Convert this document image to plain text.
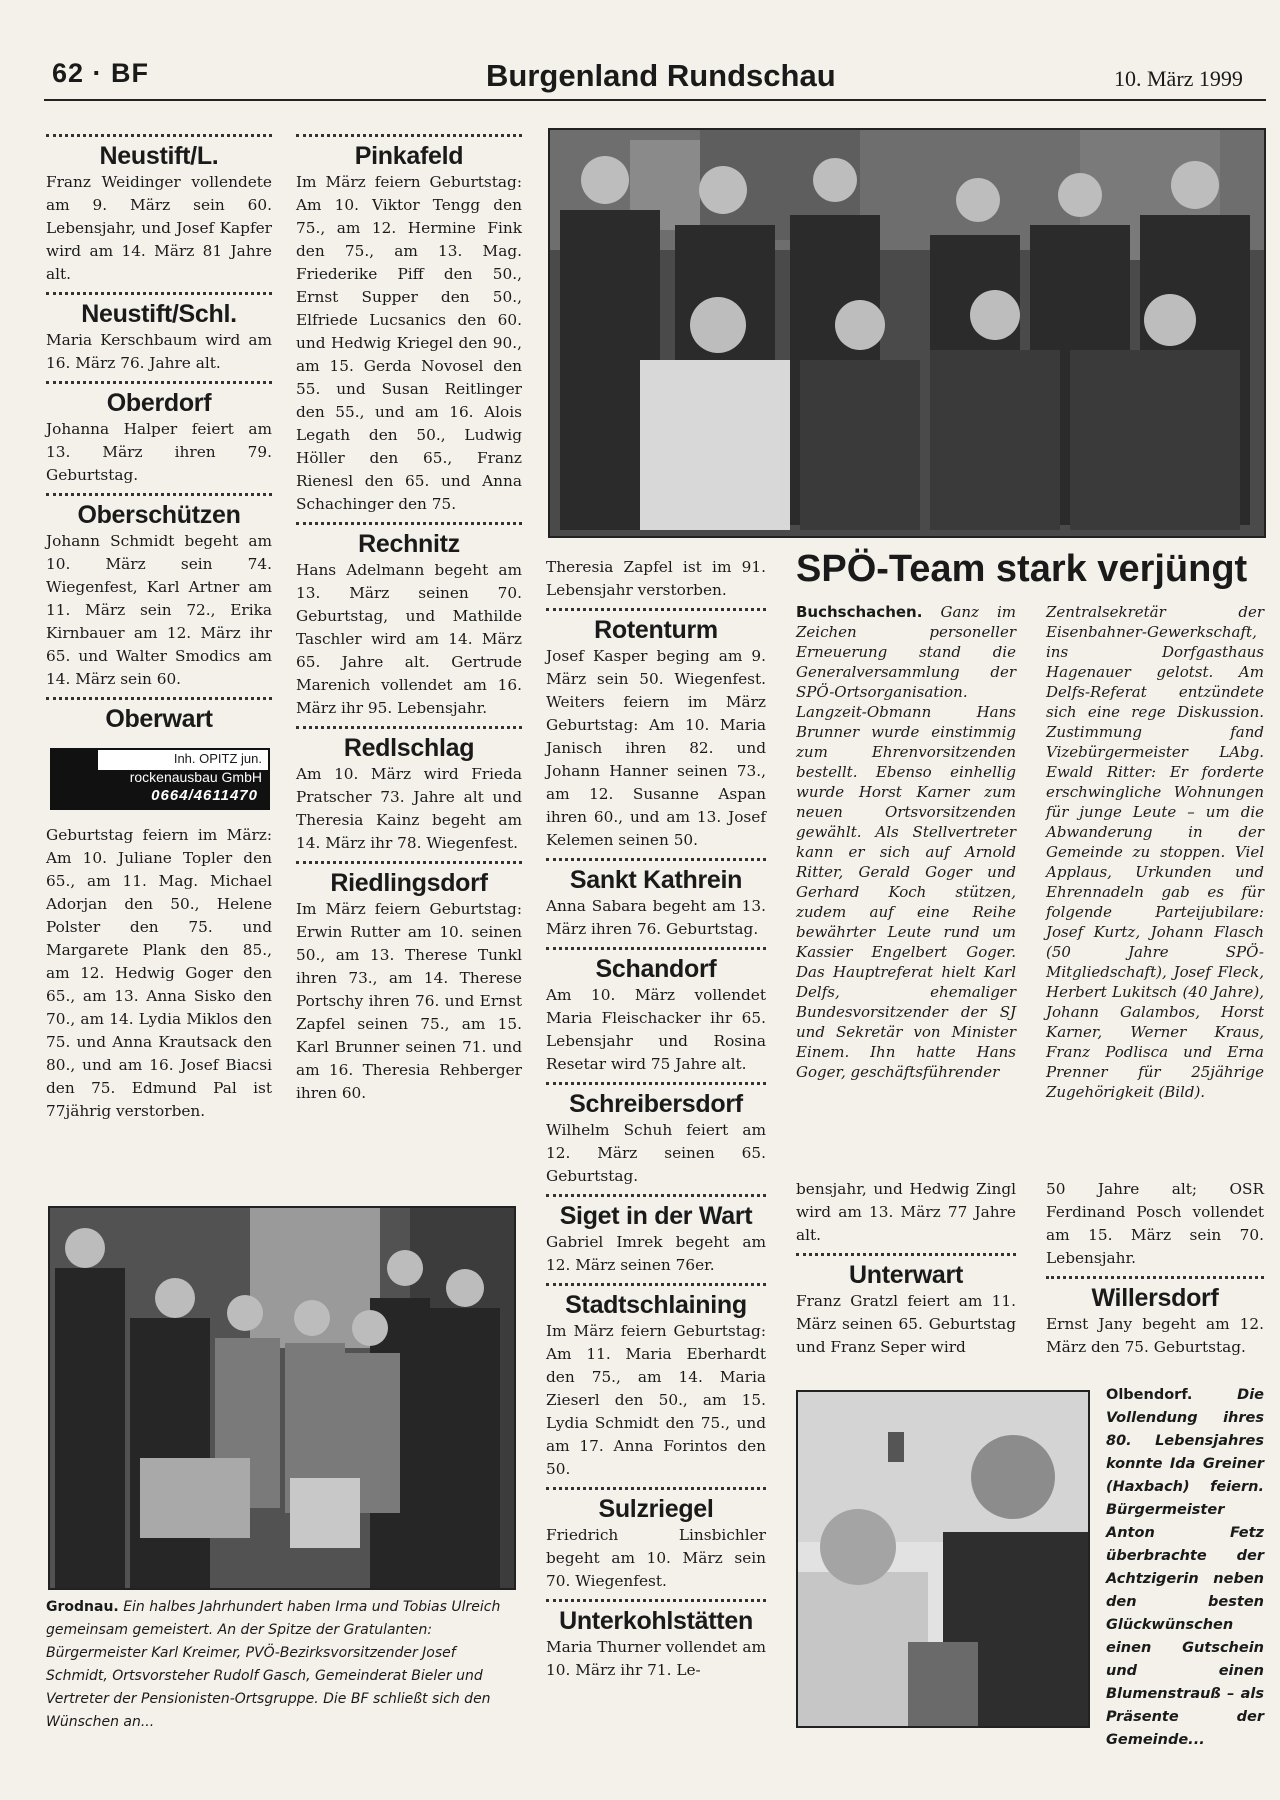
62 · BF	Burgenland Rundschau	10. März 1999
Neustift/L.

Franz Weidinger vollendete am 9. März sein 60. Lebensjahr, und Josef Kapfer wird am 14. März 81 Jahre alt.

Neustift/Schl.

Maria Kerschbaum wird am 16. März 76. Jahre alt.

Oberdorf

Johanna Halper feiert am 13. März ihren 79. Geburtstag.

Oberschützen

Johann Schmidt begeht am 10. März sein 74. Wiegenfest, Karl Artner am 11. März sein 72., Erika Kirnbauer am 12. März ihr 65. und Walter Smodics am 14. März sein 60.

Oberwart
Inh. OPITZ jun.
rockenausbau GmbH
0664/4611470

Geburtstag feiern im März: Am 10. Juliane Topler den 65., am 11. Mag. Michael Adorjan den 50., Helene Polster den 75. und Margarete Plank den 85., am 12. Hedwig Goger den 65., am 13. Anna Sisko den 70., am 14. Lydia Miklos den 75. und Anna Krautsack den 80., und am 16. Josef Biacsi den 75. Edmund Pal ist 77jährig verstorben.

Pinkafeld

Im März feiern Geburtstag: Am 10. Viktor Tengg den 75., am 12. Hermine Fink den 75., am 13. Mag. Friederike Piff den 50., Ernst Supper den 50., Elfriede Lucsanics den 60. und Hedwig Kriegel den 90., am 15. Gerda Novosel den 55. und Susan Reitlinger den 55., und am 16. Alois Legath den 50., Ludwig Höller den 65., Franz Rienesl den 65. und Anna Schachinger den 75.

Rechnitz

Hans Adelmann begeht am 13. März seinen 70. Geburtstag, und Mathilde Taschler wird am 14. März 65. Jahre alt. Gertrude Marenich vollendet am 16. März ihr 95. Lebensjahr.

Redlschlag

Am 10. März wird Frieda Pratscher 73. Jahre alt und Theresia Kainz begeht am 14. März ihr 78. Wiegenfest.

Riedlingsdorf

Im März feiern Geburtstag: Erwin Rutter am 10. seinen 50., am 13. Therese Tunkl ihren 73., am 14. Therese Portschy ihren 76. und Ernst Zapfel seinen 75., am 15. Karl Brunner seinen 71. und am 16. Theresia Rehberger ihren 60.

Theresia Zapfel ist im 91. Lebensjahr verstorben.

Rotenturm

Josef Kasper beging am 9. März sein 50. Wiegenfest. Weiters feiern im März Geburtstag: Am 10. Maria Janisch ihren 82. und Johann Hanner seinen 73., am 12. Susanne Aspan ihren 60., und am 13. Josef Kelemen seinen 50.

Sankt Kathrein

Anna Sabara begeht am 13. März ihren 76. Geburtstag.

Schandorf

Am 10. März vollendet Maria Fleischacker ihr 65. Lebensjahr und Rosina Resetar wird 75 Jahre alt.

Schreibersdorf

Wilhelm Schuh feiert am 12. März seinen 65. Geburtstag.

Siget in der Wart

Gabriel Imrek begeht am 12. März seinen 76er.

Stadtschlaining

Im März feiern Geburtstag: Am 11. Maria Eberhardt den 75., am 14. Maria Zieserl den 50., am 15. Lydia Schmidt den 75., und am 17. Anna Forintos den 50.

Sulzriegel

Friedrich Linsbichler begeht am 10. März sein 70. Wiegenfest.

Unterkohlstätten

Maria Thurner vollendet am 10. März ihr 71. Le-

SPÖ-Team stark verjüngt

Buchschachen. Ganz im Zeichen personeller Erneuerung stand die Generalversammlung der SPÖ-Ortsorganisation. Langzeit-Obmann Hans Brunner wurde einstimmig zum Ehrenvorsitzenden bestellt. Ebenso einhellig wurde Horst Karner zum neuen Ortsvorsitzenden gewählt. Als Stellvertreter kann er sich auf Arnold Ritter, Gerald Goger und Gerhard Koch stützen, zudem auf eine Reihe bewährter Leute rund um Kassier Engelbert Goger. Das Hauptreferat hielt Karl Delfs, ehemaliger Bundesvorsitzender der SJ und Sekretär von Minister Einem. Ihn hatte Hans Goger, geschäftsführender

Zentralsekretär der Eisenbahner-Gewerkschaft, ins Dorfgasthaus Hagenauer gelotst. Am Delfs-Referat entzündete sich eine rege Diskussion. Zustimmung fand Vizebürgermeister LAbg. Ewald Ritter: Er forderte erschwingliche Wohnungen für junge Leute – um die Abwanderung in der Gemeinde zu stoppen. Viel Applaus, Urkunden und Ehrennadeln gab es für folgende Parteijubilare: Josef Kurtz, Johann Flasch (50 Jahre SPÖ-Mitgliedschaft), Josef Fleck, Herbert Lukitsch (40 Jahre), Johann Galambos, Horst Karner, Werner Kraus, Franz Podlisca und Erna Prenner für 25jährige Zugehörigkeit (Bild).

bensjahr, und Hedwig Zingl wird am 13. März 77 Jahre alt.

Unterwart

Franz Gratzl feiert am 11. März seinen 65. Geburtstag und Franz Seper wird

50 Jahre alt; OSR Ferdinand Posch vollendet am 15. März sein 70. Lebensjahr.

Willersdorf

Ernst Jany begeht am 12. März den 75. Geburtstag.

Grodnau. Ein halbes Jahrhundert haben Irma und Tobias Ulreich gemeinsam gemeistert. An der Spitze der Gratulanten: Bürgermeister Karl Kreimer, PVÖ-Bezirksvorsitzender Josef Schmidt, Ortsvorsteher Rudolf Gasch, Gemeinderat Bieler und Vertreter der Pensionisten-Ortsgruppe. Die BF schließt sich den Wünschen an...
Olbendorf.	Die Vollendung ihres 80. Lebensjahres konnte Ida Greiner (Haxbach) feiern. Bürgermeister Anton Fetz überbrachte der Achtzigerin neben den besten Glückwünschen einen Gutschein und einen Blumenstrauß – als Präsente der Gemeinde...
